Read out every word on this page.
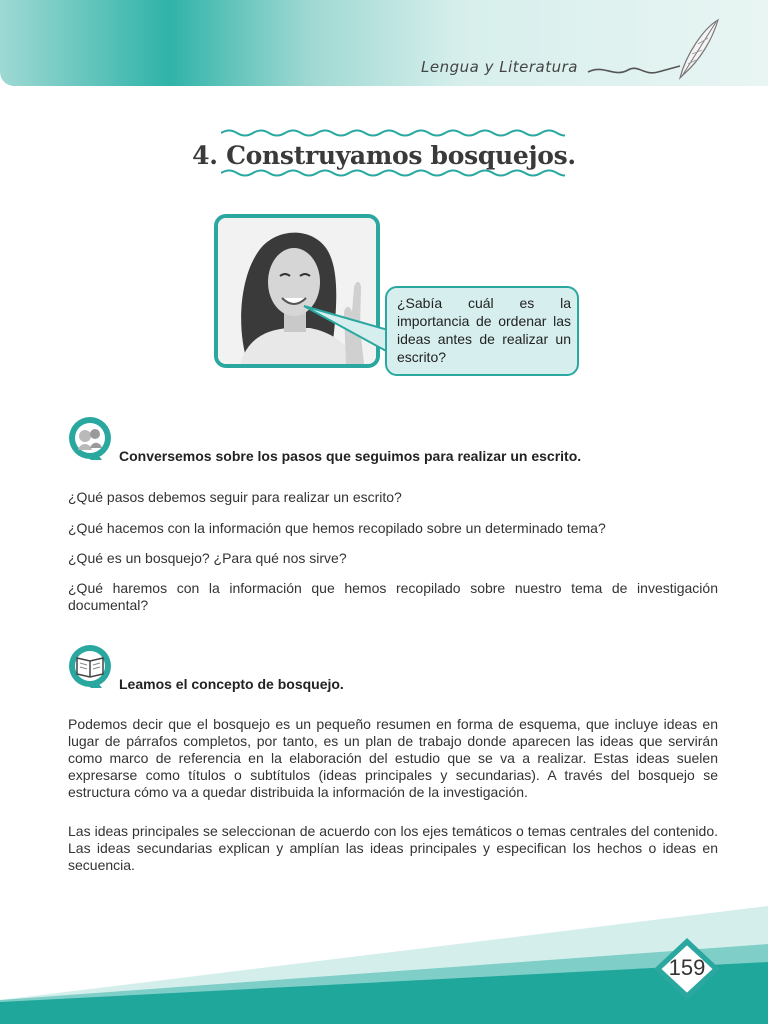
Lengua y Literatura
4. Construyamos bosquejos.
¿Sabía cuál es la importancia de ordenar las ideas antes de realizar un escrito?
Conversemos sobre los pasos que seguimos para realizar un escrito.
¿Qué pasos debemos seguir para realizar un escrito?
¿Qué hacemos con la información que hemos recopilado sobre un determinado tema?
¿Qué es un bosquejo? ¿Para qué nos sirve?
¿Qué haremos con la información que hemos recopilado sobre nuestro tema de investigación documental?
Leamos el concepto de bosquejo.
Podemos decir que el bosquejo es un pequeño resumen en forma de esquema, que incluye ideas en lugar de párrafos completos, por tanto, es un plan de trabajo donde aparecen las ideas que servirán como marco de referencia en la elaboración del estudio que se va a realizar. Estas ideas suelen expresarse como títulos o subtítulos (ideas principales y secundarias). A través del bosquejo se estructura cómo va a quedar distribuida la información de la investigación.
Las ideas principales se seleccionan de acuerdo con los ejes temáticos o temas centrales del contenido. Las ideas secundarias explican y amplían las ideas principales y especifican los hechos o ideas en secuencia.
159
